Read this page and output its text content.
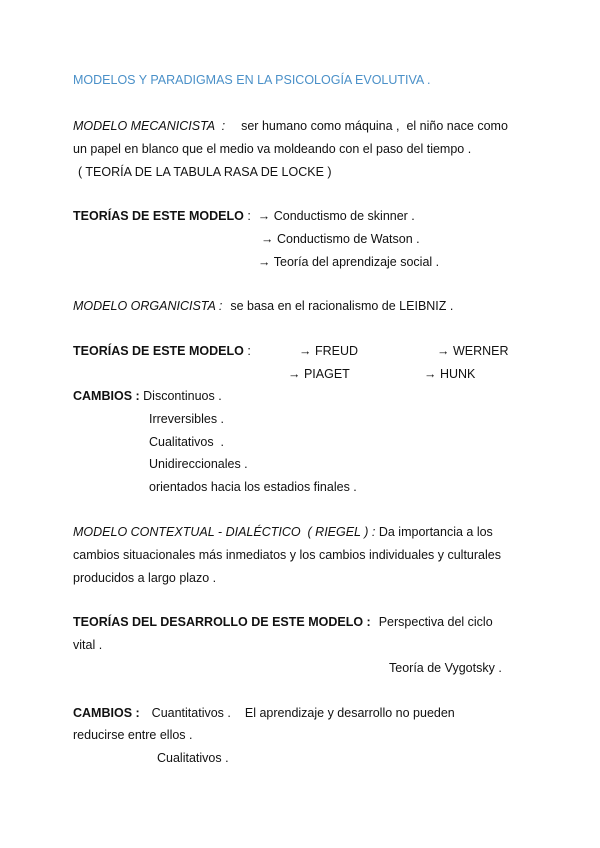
MODELOS Y PARADIGMAS EN LA PSICOLOGÍA EVOLUTIVA .
MODELO MECANICISTA  : ser humano como máquina ,  el niño nace como
un papel en blanco que el medio va moldeando con el paso del tiempo .
( TEORÍA DE LA TABULA RASA DE LOCKE )
TEORÍAS DE ESTE MODELO :  → Conductismo de skinner .
→ Conductismo de Watson .
→ Teoría del aprendizaje social .
MODELO ORGANICISTA : se basa en el racionalismo de LEIBNIZ .
TEORÍAS DE ESTE MODELO :	→ FREUD	→ WERNER
→ PIAGET	→ HUNK
CAMBIOS : Discontinuos .
Irreversibles .
Cualitativos  .
Unidireccionales .
orientados hacia los estadios finales .
MODELO CONTEXTUAL - DIALÉCTICO  ( RIEGEL ) : Da importancia a los
cambios situacionales más inmediatos y los cambios individuales y culturales
producidos a largo plazo .
TEORÍAS DEL DESARROLLO DE ESTE MODELO : Perspectiva del ciclo
vital .
Teoría de Vygotsky .
CAMBIOS : Cuantitativos . El aprendizaje y desarrollo no pueden
reducirse entre ellos .
Cualitativos .
